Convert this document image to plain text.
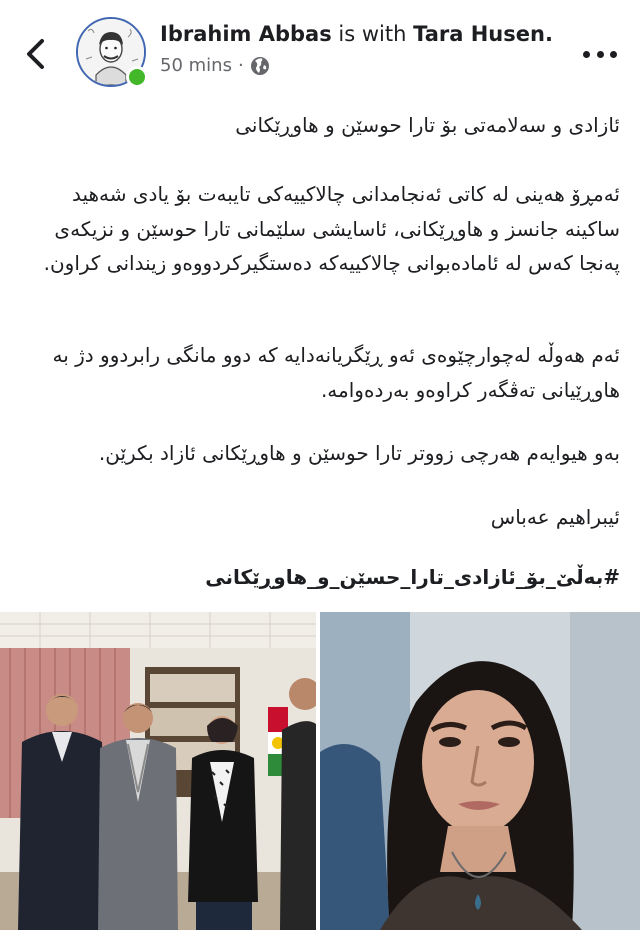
Ibrahim Abbas is with Tara Husen.
50 mins ·

ئازادی و سەلامەتی بۆ تارا حوسێن و هاوڕێکانی

ئەمڕۆ هەینی لە کاتی ئەنجامدانی چالاکییەکی تایبەت بۆ یادی شەهید ساکینە جانسز و هاوڕێکانی، ئاسایشی سلێمانی تارا حوسێن و نزیکەی پەنجا کەس لە ئامادەبوانی چالاکییەکە دەستگیرکردووەو زیندانی کراون.

ئەم هەوڵە لەچوارچێوەی ئەو ڕێگریانەدایە کە دوو مانگی رابردوو دژ بە هاوڕێیانی تەڤگەر کراوەو بەردەوامە.

بەو هیوایەم هەرچی زووتر تارا حوسێن و هاوڕێکانی ئازاد بکرێن.

ئیبراهیم عەباس

#بەڵێ_بۆ_ئازادی_تارا_حسێن_و_هاوڕێکانی
